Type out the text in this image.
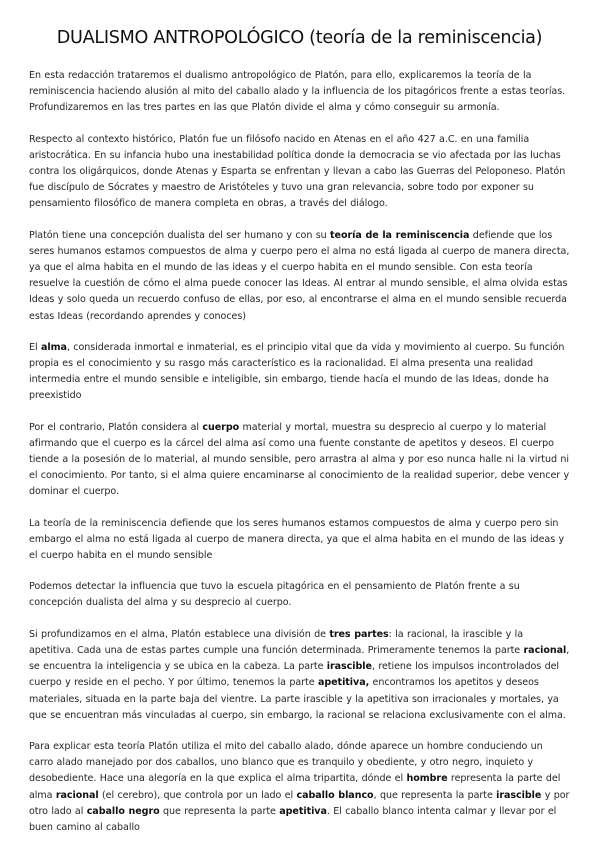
DUALISMO ANTROPOLÓGICO (teoría de la reminiscencia)

En esta redacción trataremos el dualismo antropológico de Platón, para ello, explicaremos la teoría de la reminiscencia haciendo alusión al mito del caballo alado y la influencia de los pitagóricos frente a estas teorías. Profundizaremos en las tres partes en las que Platón divide el alma y cómo conseguir su armonía.

Respecto al contexto histórico, Platón fue un filósofo nacido en Atenas en el año 427 a.C. en una familia aristocrática. En su infancia hubo una inestabilidad política donde la democracia se vio afectada por las luchas contra los oligárquicos, donde Atenas y Esparta se enfrentan y llevan a cabo las Guerras del Peloponeso. Platón fue discípulo de Sócrates y maestro de Aristóteles y tuvo una gran relevancia, sobre todo por exponer su pensamiento filosófico de manera completa en obras, a través del diálogo.

Platón tiene una concepción dualista del ser humano y con su teoría de la reminiscencia defiende que los seres humanos estamos compuestos de alma y cuerpo pero el alma no está ligada al cuerpo de manera directa, ya que el alma habita en el mundo de las ideas y el cuerpo habita en el mundo sensible. Con esta teoría resuelve la cuestión de cómo el alma puede conocer las Ideas. Al entrar al mundo sensible, el alma olvida estas Ideas y solo queda un recuerdo confuso de ellas, por eso, al encontrarse el alma en el mundo sensible recuerda estas Ideas (recordando aprendes y conoces)

El alma, considerada inmortal e inmaterial, es el principio vital que da vida y movimiento al cuerpo. Su función propia es el conocimiento y su rasgo más característico es la racionalidad. El alma presenta una realidad intermedia entre el mundo sensible e inteligible, sin embargo, tiende hacía el mundo de las Ideas, donde ha preexistido

Por el contrario, Platón considera al cuerpo material y mortal, muestra su desprecio al cuerpo y lo material afirmando que el cuerpo es la cárcel del alma así como una fuente constante de apetitos y deseos. El cuerpo tiende a la posesión de lo material, al mundo sensible, pero arrastra al alma y por eso nunca halle ni la virtud ni el conocimiento. Por tanto, si el alma quiere encaminarse al conocimiento de la realidad superior, debe vencer y dominar el cuerpo.

La teoría de la reminiscencia defiende que los seres humanos estamos compuestos de alma y cuerpo pero sin embargo el alma no está ligada al cuerpo de manera directa, ya que el alma habita en el mundo de las ideas y el cuerpo habita en el mundo sensible

Podemos detectar la influencia que tuvo la escuela pitagórica en el pensamiento de Platón frente a su concepción dualista del alma y su desprecio al cuerpo.

Si profundizamos en el alma, Platón establece una división de tres partes: la racional, la irascible y la apetitiva. Cada una de estas partes cumple una función determinada. Primeramente tenemos la parte racional, se encuentra la inteligencia y se ubica en la cabeza. La parte irascible, retiene los impulsos incontrolados del cuerpo y reside en el pecho. Y por último, tenemos la parte apetitiva, encontramos los apetitos y deseos materiales, situada en la parte baja del vientre. La parte irascible y la apetitiva son irracionales y mortales, ya que se encuentran más vinculadas al cuerpo, sin embargo, la racional se relaciona exclusivamente con el alma.

Para explicar esta teoría Platón utiliza el mito del caballo alado, dónde aparece un hombre conduciendo un carro alado manejado por dos caballos, uno blanco que es tranquilo y obediente, y otro negro, inquieto y desobediente. Hace una alegoría en la que explica el alma tripartita, dónde el hombre representa la parte del alma racional (el cerebro), que controla por un lado el caballo blanco, que representa la parte irascible y por otro lado al caballo negro que representa la parte apetitiva. El caballo blanco intenta calmar y llevar por el buen camino al caballo
